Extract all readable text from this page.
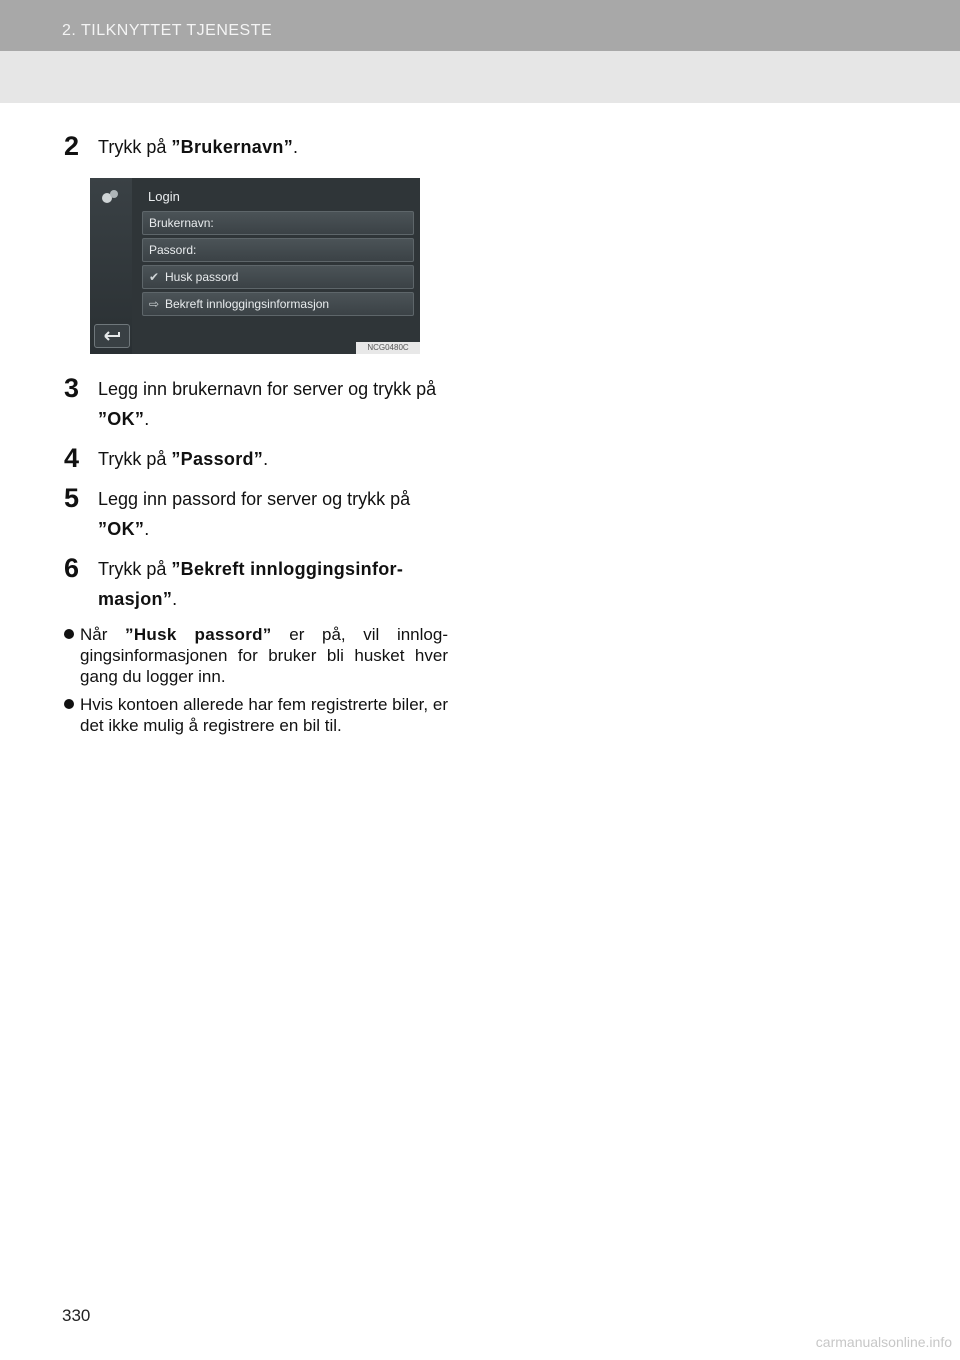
2. TILKNYTTET TJENESTE
2 Trykk på ”Brukernavn”.
Login
Brukernavn:
Passord:
✔ Husk passord
⇨ Bekreft innloggingsinformasjon
NCG0480C
3 Legg inn brukernavn for server og trykk på ”OK”.
4 Trykk på ”Passord”.
5 Legg inn passord for server og trykk på ”OK”.
6 Trykk på ”Bekreft innloggingsinfor-masjon”.
Når ”Husk passord” er på, vil innlog-gingsinformasjonen for bruker bli husket hver gang du logger inn.
Hvis kontoen allerede har fem registrerte biler, er det ikke mulig å registrere en bil til.
330
carmanualsonline.info
